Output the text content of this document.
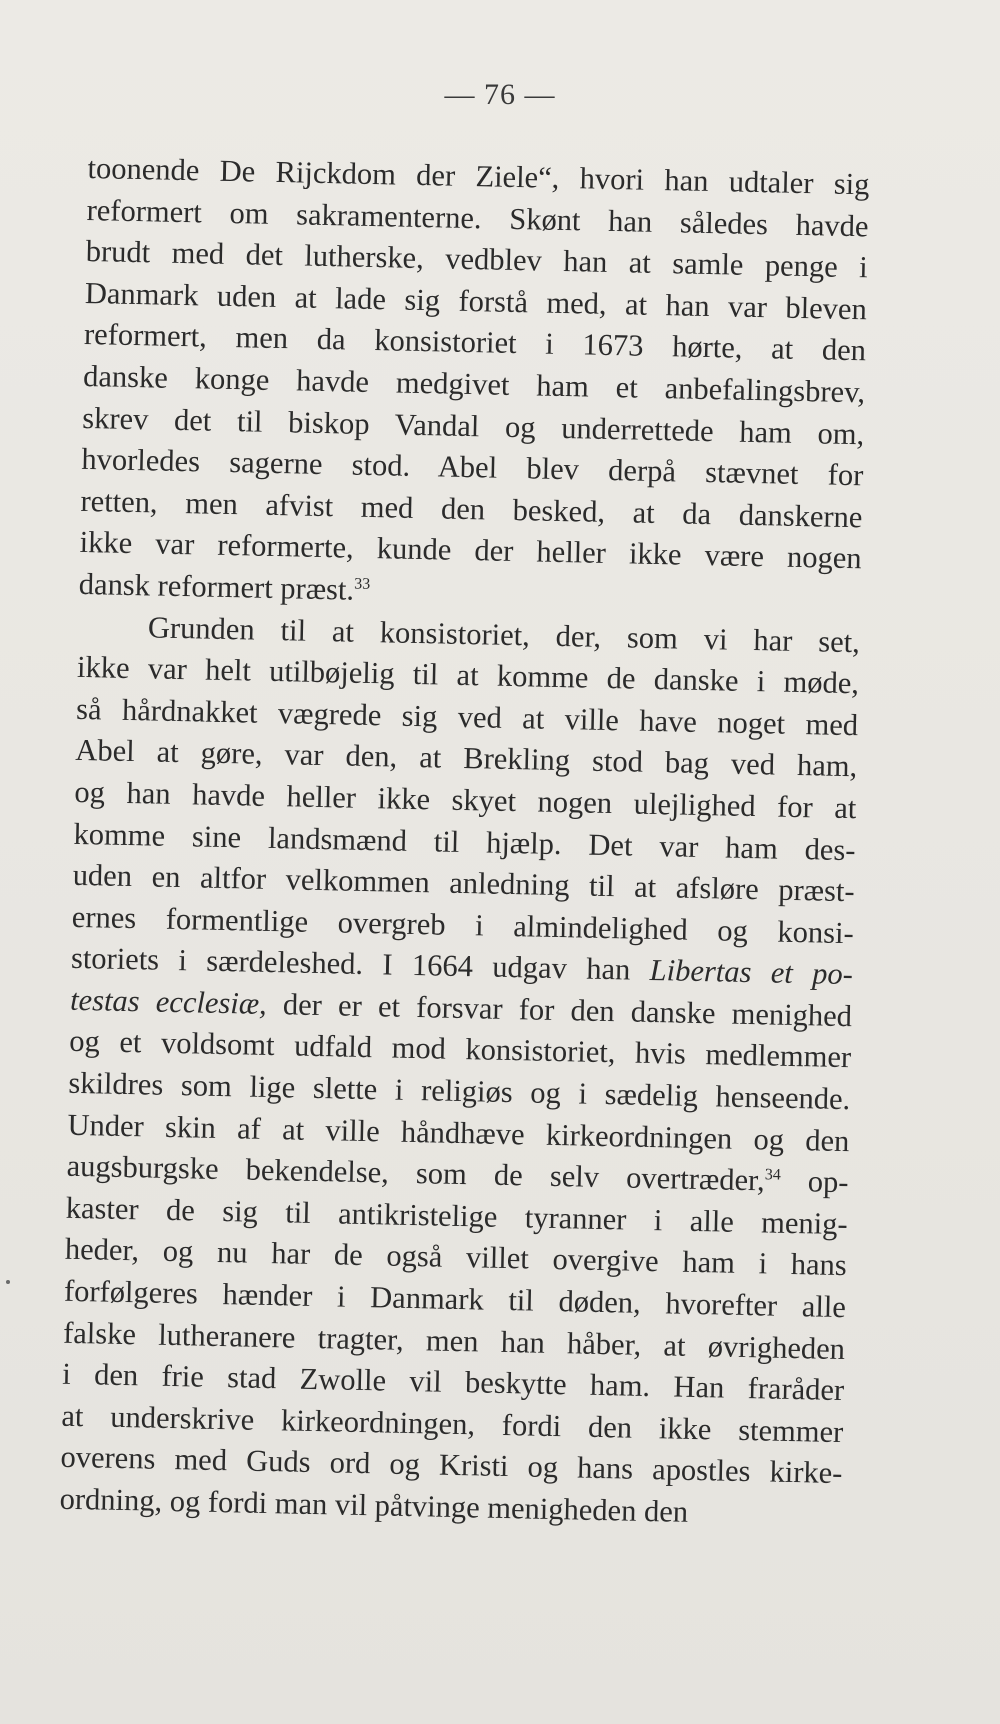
— 76 —
toonende De Rijckdom der Ziele“, hvori han udtaler sig
reformert om sakramenterne. Skønt han således havde
brudt med det lutherske, vedblev han at samle penge i
Danmark uden at lade sig forstå med, at han var bleven
reformert, men da konsistoriet i 1673 hørte, at den
danske konge havde medgivet ham et anbefalingsbrev,
skrev det til biskop Vandal og underrettede ham om,
hvorledes sagerne stod. Abel blev derpå stævnet for
retten, men afvist med den besked, at da danskerne
ikke var reformerte, kunde der heller ikke være nogen
dansk reformert præst.$^{33}$
Grunden til at konsistoriet, der, som vi har set,
ikke var helt utilbøjelig til at komme de danske i møde,
så hårdnakket vægrede sig ved at ville have noget med
Abel at gøre, var den, at Brekling stod bag ved ham,
og han havde heller ikke skyet nogen ulejlighed for at
komme sine landsmænd til hjælp. Det var ham des-
uden en altfor velkommen anledning til at afsløre præst-
ernes formentlige overgreb i almindelighed og konsi-
storiets i særdeleshed. I 1664 udgav han Libertas et po-
testas ecclesiæ, der er et forsvar for den danske menighed
og et voldsomt udfald mod konsistoriet, hvis medlemmer
skildres som lige slette i religiøs og i sædelig henseende.
Under skin af at ville håndhæve kirkeordningen og den
augsburgske bekendelse, som de selv overtræder,$^{34}$ op-
kaster de sig til antikristelige tyranner i alle menig-
heder, og nu har de også villet overgive ham i hans
forfølgeres hænder i Danmark til døden, hvorefter alle
falske lutheranere tragter, men han håber, at øvrigheden
i den frie stad Zwolle vil beskytte ham. Han fraråder
at underskrive kirkeordningen, fordi den ikke stemmer
overens med Guds ord og Kristi og hans apostles kirke-
ordning, og fordi man vil påtvinge menigheden den
